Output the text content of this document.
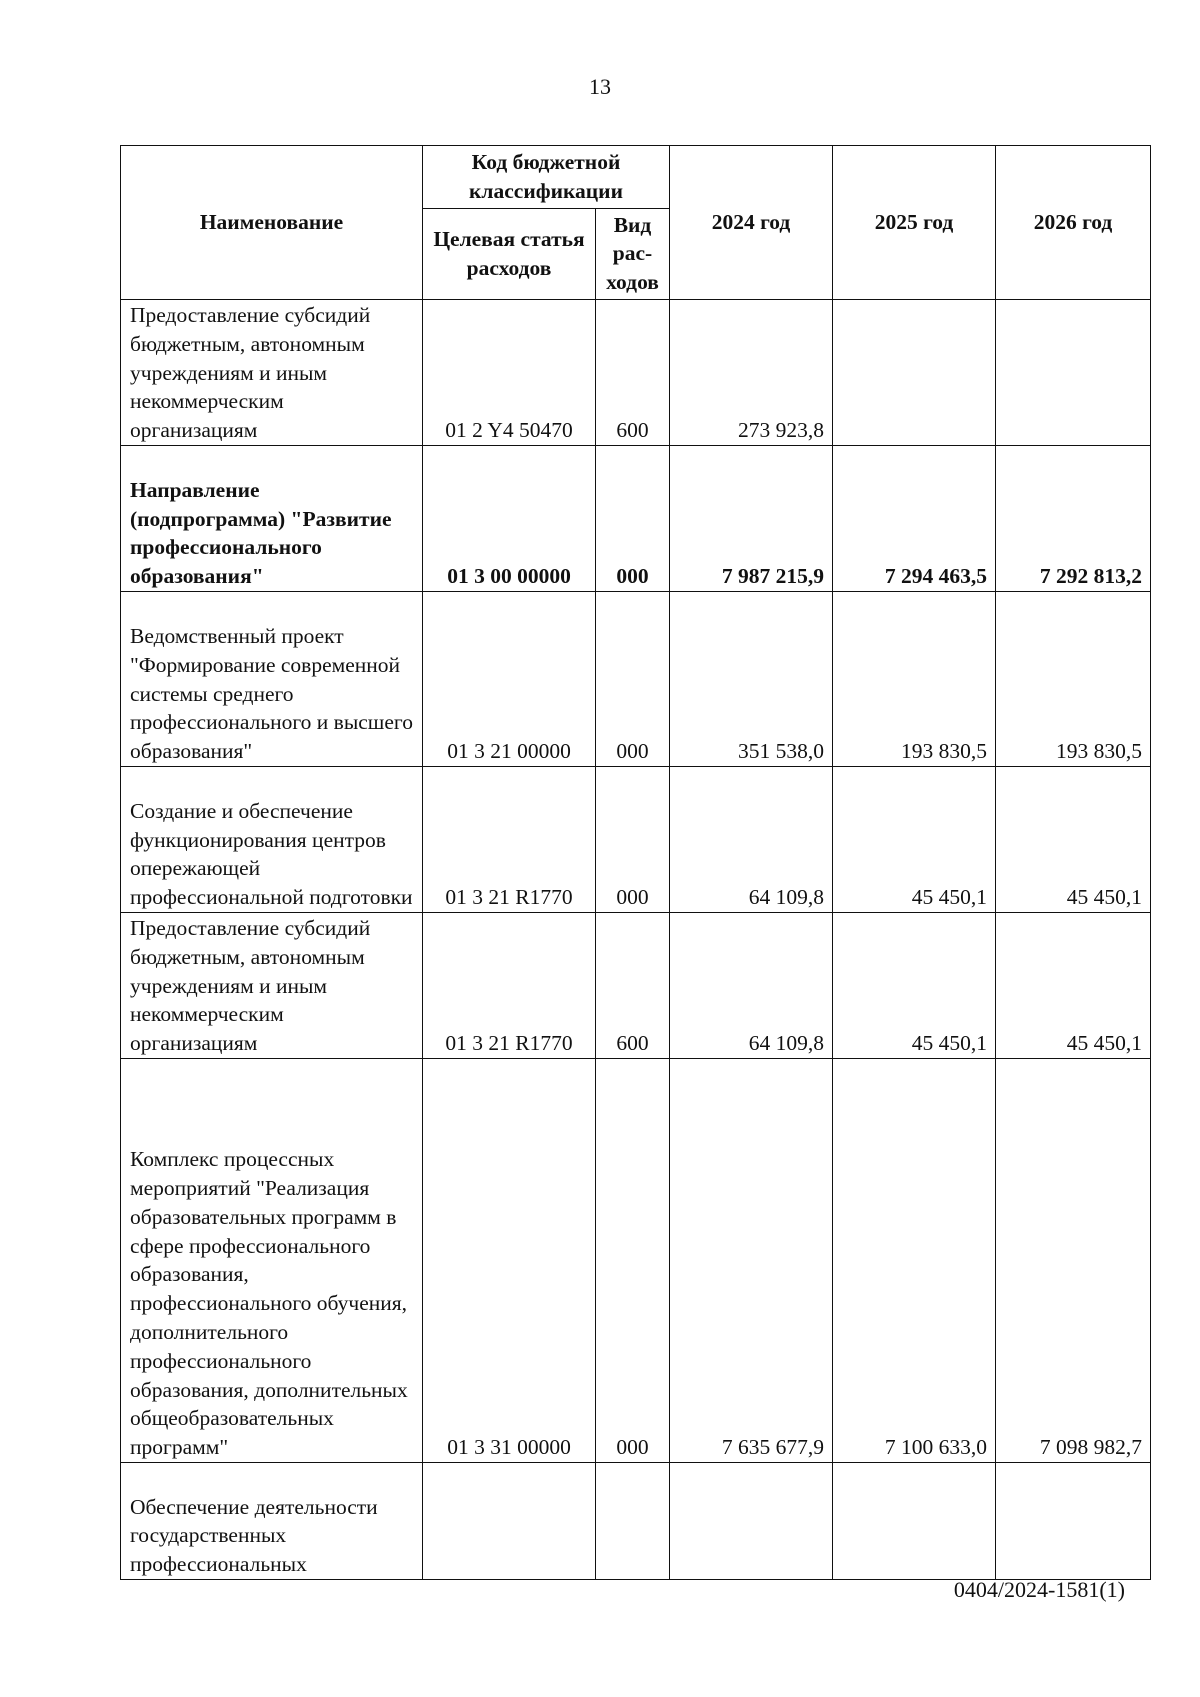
13
Наименование	Код бюджетной классификации		2024 год	2025 год	2026 год
	Целевая статья расходов	Вид рас-ходов			
Предоставление субсидий бюджетным, автономным учреждениям и иным некоммерческим организациям	01 2 Y4 50470	600	273 923,8		
Направление (подпрограмма) "Развитие профессионального образования"	01 3 00 00000	000	7 987 215,9	7 294 463,5	7 292 813,2
Ведомственный проект "Формирование современной системы среднего профессионального и высшего образования"	01 3 21 00000	000	351 538,0	193 830,5	193 830,5
Создание и обеспечение функционирования центров опережающей профессиональной подготовки	01 3 21 R1770	000	64 109,8	45 450,1	45 450,1
Предоставление субсидий бюджетным, автономным учреждениям и иным некоммерческим организациям	01 3 21 R1770	600	64 109,8	45 450,1	45 450,1
Комплекс процессных мероприятий "Реализация образовательных программ в сфере профессионального образования, профессионального обучения, дополнительного профессионального образования, дополнительных общеобразовательных программ"	01 3 31 00000	000	7 635 677,9	7 100 633,0	7 098 982,7
Обеспечение деятельности государственных профессиональных					
0404/2024-1581(1)
